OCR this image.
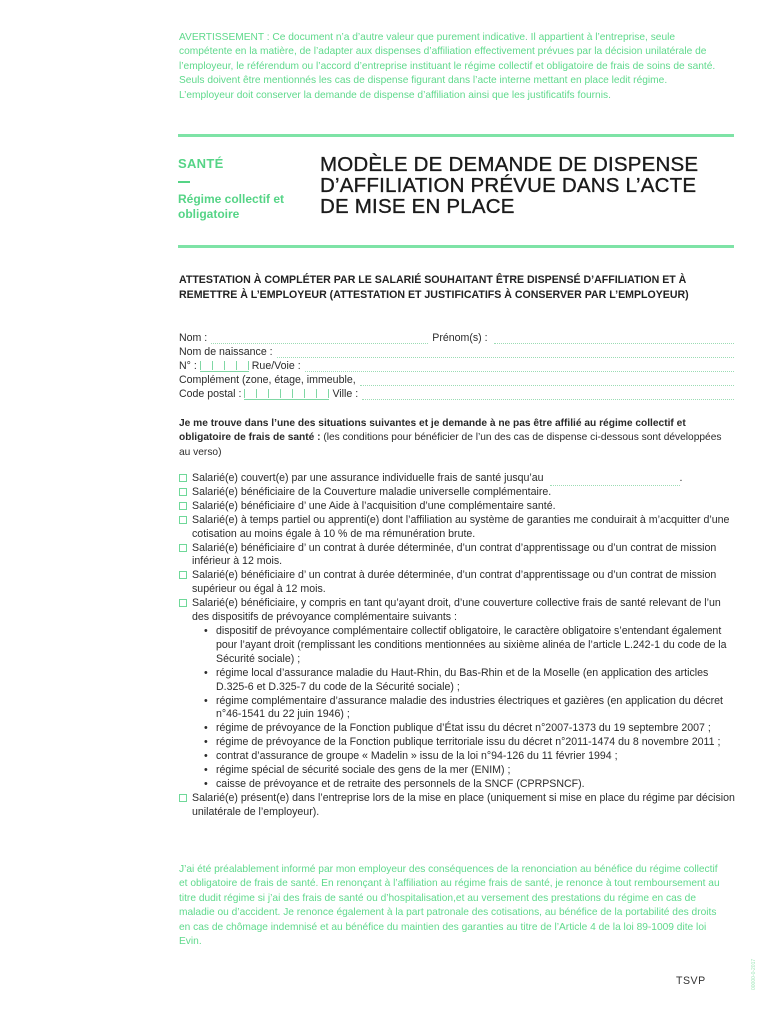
AVERTISSEMENT : Ce document n’a d’autre valeur que purement indicative. Il appartient à l’entreprise, seule compétente en la matière, de l’adapter aux dispenses d’affiliation effectivement prévues par la décision unilatérale de l’employeur, le référendum ou l’accord d’entreprise instituant le régime collectif et obligatoire de frais de soins de santé. Seuls doivent être mentionnés les cas de dispense figurant dans l’acte interne mettant en place ledit régime.

L’employeur doit conserver la demande de dispense d’affiliation ainsi que les justificatifs fournis.

SANTÉ
Régime collectif et obligatoire
MODÈLE DE DEMANDE DE DISPENSE D’AFFILIATION PRÉVUE DANS L’ACTE DE MISE EN PLACE

ATTESTATION À COMPLÉTER PAR LE SALARIÉ SOUHAITANT ÊTRE DISPENSÉ D’AFFILIATION ET À REMETTRE À L’EMPLOYEUR (ATTESTATION ET JUSTIFICATIFS À CONSERVER PAR L’EMPLOYEUR)

Nom :	Prénom(s) :
Nom de naissance :
N° :	Rue/Voie :
Complément (zone, étage, immeuble,
Code postal :	Ville :

Je me trouve dans l’une des situations suivantes et je demande à ne pas être affilié au régime collectif et obligatoire de frais de santé : (les conditions pour bénéficier de l’un des cas de dispense ci-dessous sont développées au verso)

Salarié(e) couvert(e) par une assurance individuelle frais de santé jusqu’au	.

Salarié(e) bénéficiaire de la Couverture maladie universelle complémentaire.

Salarié(e) bénéficiaire d’ une Aide à l’acquisition d’une complémentaire santé.

Salarié(e) à temps partiel ou apprenti(e) dont l’affiliation au système de garanties me conduirait à m’acquitter d’une cotisation au moins égale à 10 % de ma rémunération brute.

Salarié(e) bénéficiaire d’ un contrat à durée déterminée, d’un contrat d’apprentissage ou d’un contrat de mission inférieur à 12 mois.

Salarié(e) bénéficiaire d’ un contrat à durée déterminée, d’un contrat d’apprentissage ou d’un contrat de mission supérieur ou égal à 12 mois.

Salarié(e) bénéficiaire, y compris en tant qu’ayant droit, d’une couverture collective frais de santé relevant de l’un des dispositifs de prévoyance complémentaire suivants :
• dispositif de prévoyance complémentaire collectif obligatoire, le caractère obligatoire s’entendant également pour l’ayant droit (remplissant les conditions mentionnées au sixième alinéa de l’article L.242-1 du code de la Sécurité sociale) ;
• régime local d’assurance maladie du Haut-Rhin, du Bas-Rhin et de la Moselle (en application des articles D.325-6 et D.325-7 du code de la Sécurité sociale) ;
• régime complémentaire d’assurance maladie des industries électriques et gazières (en application du décret n°46-1541 du 22 juin 1946) ;
• régime de prévoyance de la Fonction publique d’État issu du décret n°2007-1373 du 19 septembre 2007 ;
• régime de prévoyance de la Fonction publique territoriale issu du décret n°2011-1474 du 8 novembre 2011 ;
• contrat d’assurance de groupe « Madelin » issu de la loi n°94-126 du 11 février 1994 ;
• régime spécial de sécurité sociale des gens de la mer (ENIM) ;
• caisse de prévoyance et de retraite des personnels de la SNCF (CPRPSNCF).

Salarié(e) présent(e) dans l’entreprise lors de la mise en place (uniquement si mise en place du régime par décision unilatérale de l’employeur).

J’ai été préalablement informé par mon employeur des conséquences de la renonciation au bénéfice du régime collectif et obligatoire de frais de santé. En renonçant à l’affiliation au régime frais de santé, je renonce à tout remboursement au titre dudit régime si j’ai des frais de santé ou d’hospitalisation,et au versement des prestations du régime en cas de maladie ou d’accident. Je renonce également à la part patronale des cotisations, au bénéfice de la portabilité des droits en cas de chômage indemnisé et au bénéfice du maintien des garanties au titre de l’Article 4 de la loi 89-1009 dite loi Evin.

TSVP	00000-0-2017
